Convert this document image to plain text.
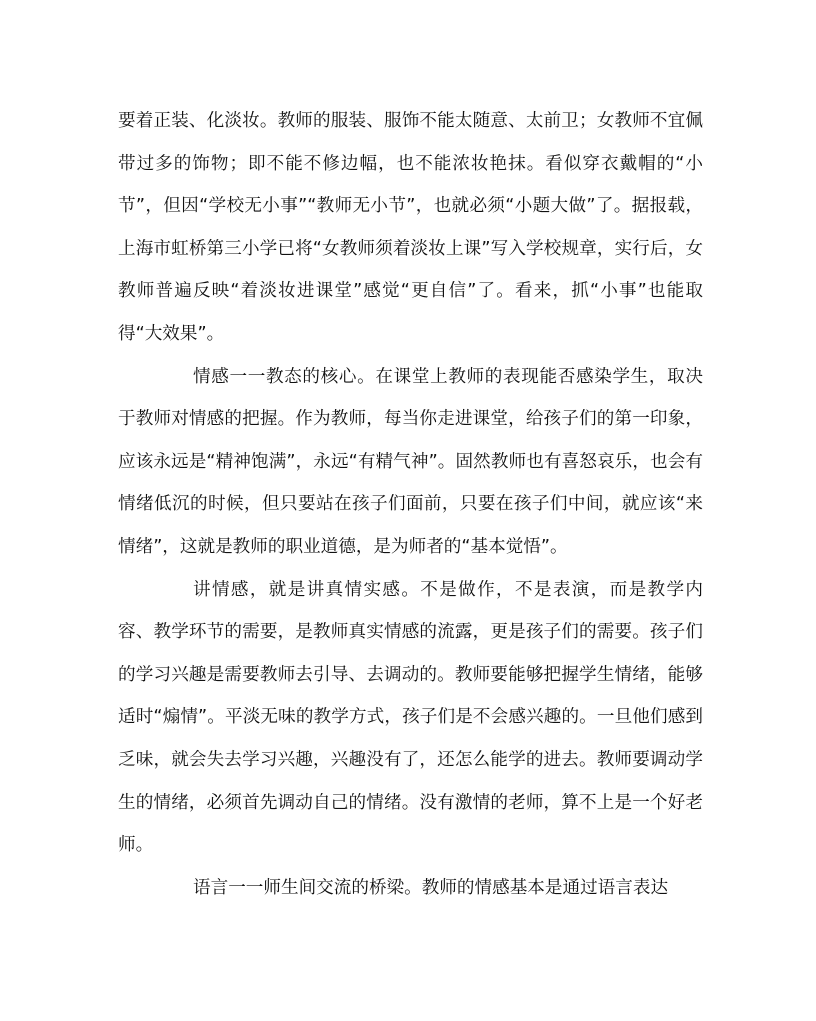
要着正装、化淡妆。教师的服装、服饰不能太随意、太前卫；女教师不宜佩带过多的饰物；即不能不修边幅，也不能浓妆艳抹。看似穿衣戴帽的“小节”，但因“学校无小事”“教师无小节”，也就必须“小题大做”了。据报载，上海市虹桥第三小学已将“女教师须着淡妆上课”写入学校规章，实行后，女教师普遍反映“着淡妆进课堂”感觉“更自信”了。看来，抓“小事”也能取得“大效果”。

情感一一教态的核心。在课堂上教师的表现能否感染学生，取决于教师对情感的把握。作为教师，每当你走进课堂，给孩子们的第一印象，应该永远是“精神饱满”，永远“有精气神”。固然教师也有喜怒哀乐，也会有情绪低沉的时候，但只要站在孩子们面前，只要在孩子们中间，就应该“来情绪”，这就是教师的职业道德，是为师者的“基本觉悟”。

讲情感，就是讲真情实感。不是做作，不是表演，而是教学内容、教学环节的需要，是教师真实情感的流露，更是孩子们的需要。孩子们的学习兴趣是需要教师去引导、去调动的。教师要能够把握学生情绪，能够适时“煽情”。平淡无味的教学方式，孩子们是不会感兴趣的。一旦他们感到乏味，就会失去学习兴趣，兴趣没有了，还怎么能学的进去。教师要调动学生的情绪，必须首先调动自己的情绪。没有激情的老师，算不上是一个好老师。

语言一一师生间交流的桥梁。教师的情感基本是通过语言表达
